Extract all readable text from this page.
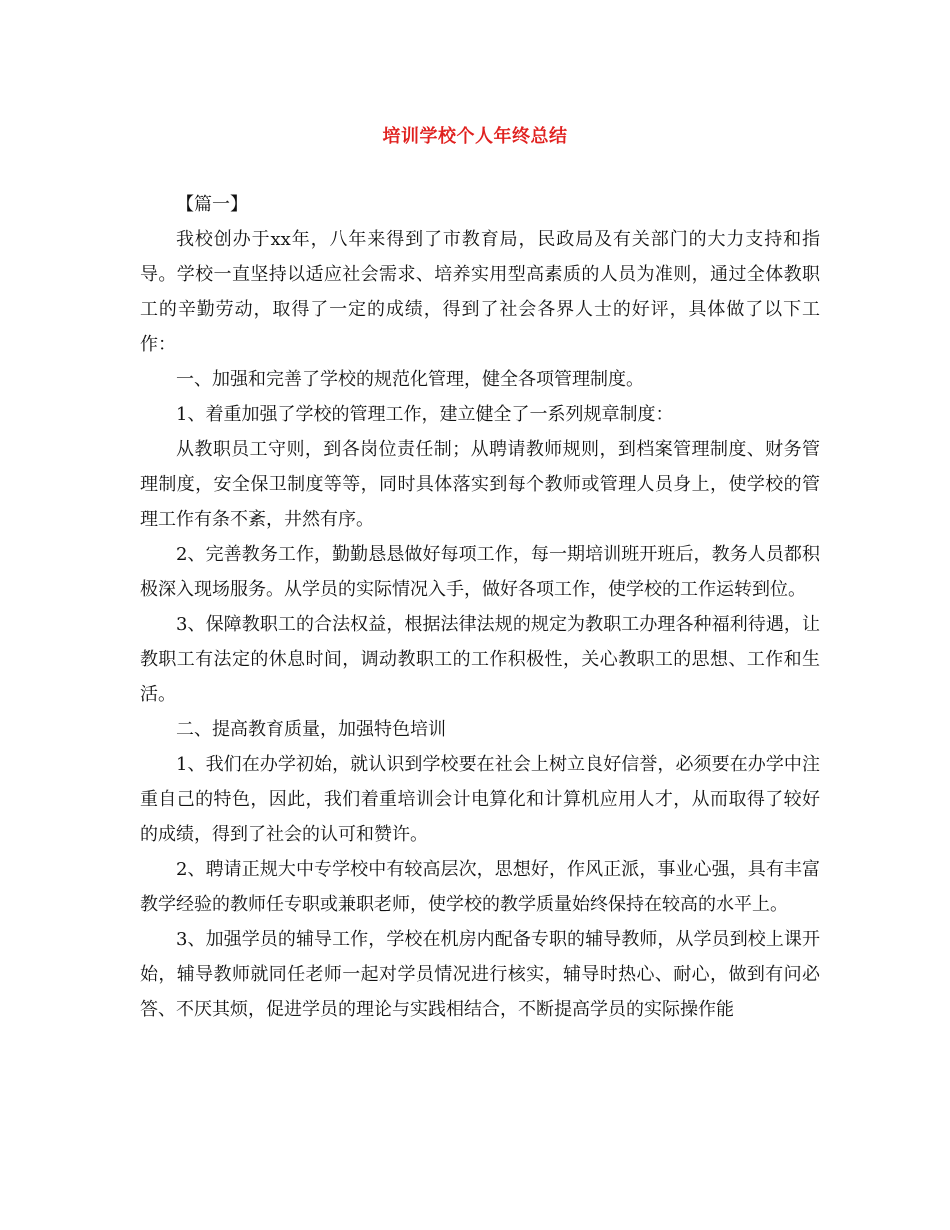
培训学校个人年终总结

【篇一】

我校创办于xx年，八年来得到了市教育局，民政局及有关部门的大力支持和指导。学校一直坚持以适应社会需求、培养实用型高素质的人员为准则，通过全体教职工的辛勤劳动，取得了一定的成绩，得到了社会各界人士的好评，具体做了以下工作：

一、加强和完善了学校的规范化管理，健全各项管理制度。

1、着重加强了学校的管理工作，建立健全了一系列规章制度：

从教职员工守则，到各岗位责任制；从聘请教师规则，到档案管理制度、财务管理制度，安全保卫制度等等，同时具体落实到每个教师或管理人员身上，使学校的管理工作有条不紊，井然有序。

2、完善教务工作，勤勤恳恳做好每项工作，每一期培训班开班后，教务人员都积极深入现场服务。从学员的实际情况入手，做好各项工作，使学校的工作运转到位。

3、保障教职工的合法权益，根据法律法规的规定为教职工办理各种福利待遇，让教职工有法定的休息时间，调动教职工的工作积极性，关心教职工的思想、工作和生活。

二、提高教育质量，加强特色培训

1、我们在办学初始，就认识到学校要在社会上树立良好信誉，必须要在办学中注重自己的特色，因此，我们着重培训会计电算化和计算机应用人才，从而取得了较好的成绩，得到了社会的认可和赞许。

2、聘请正规大中专学校中有较高层次，思想好，作风正派，事业心强，具有丰富教学经验的教师任专职或兼职老师，使学校的教学质量始终保持在较高的水平上。

3、加强学员的辅导工作，学校在机房内配备专职的辅导教师，从学员到校上课开始，辅导教师就同任老师一起对学员情况进行核实，辅导时热心、耐心，做到有问必答、不厌其烦，促进学员的理论与实践相结合，不断提高学员的实际操作能
